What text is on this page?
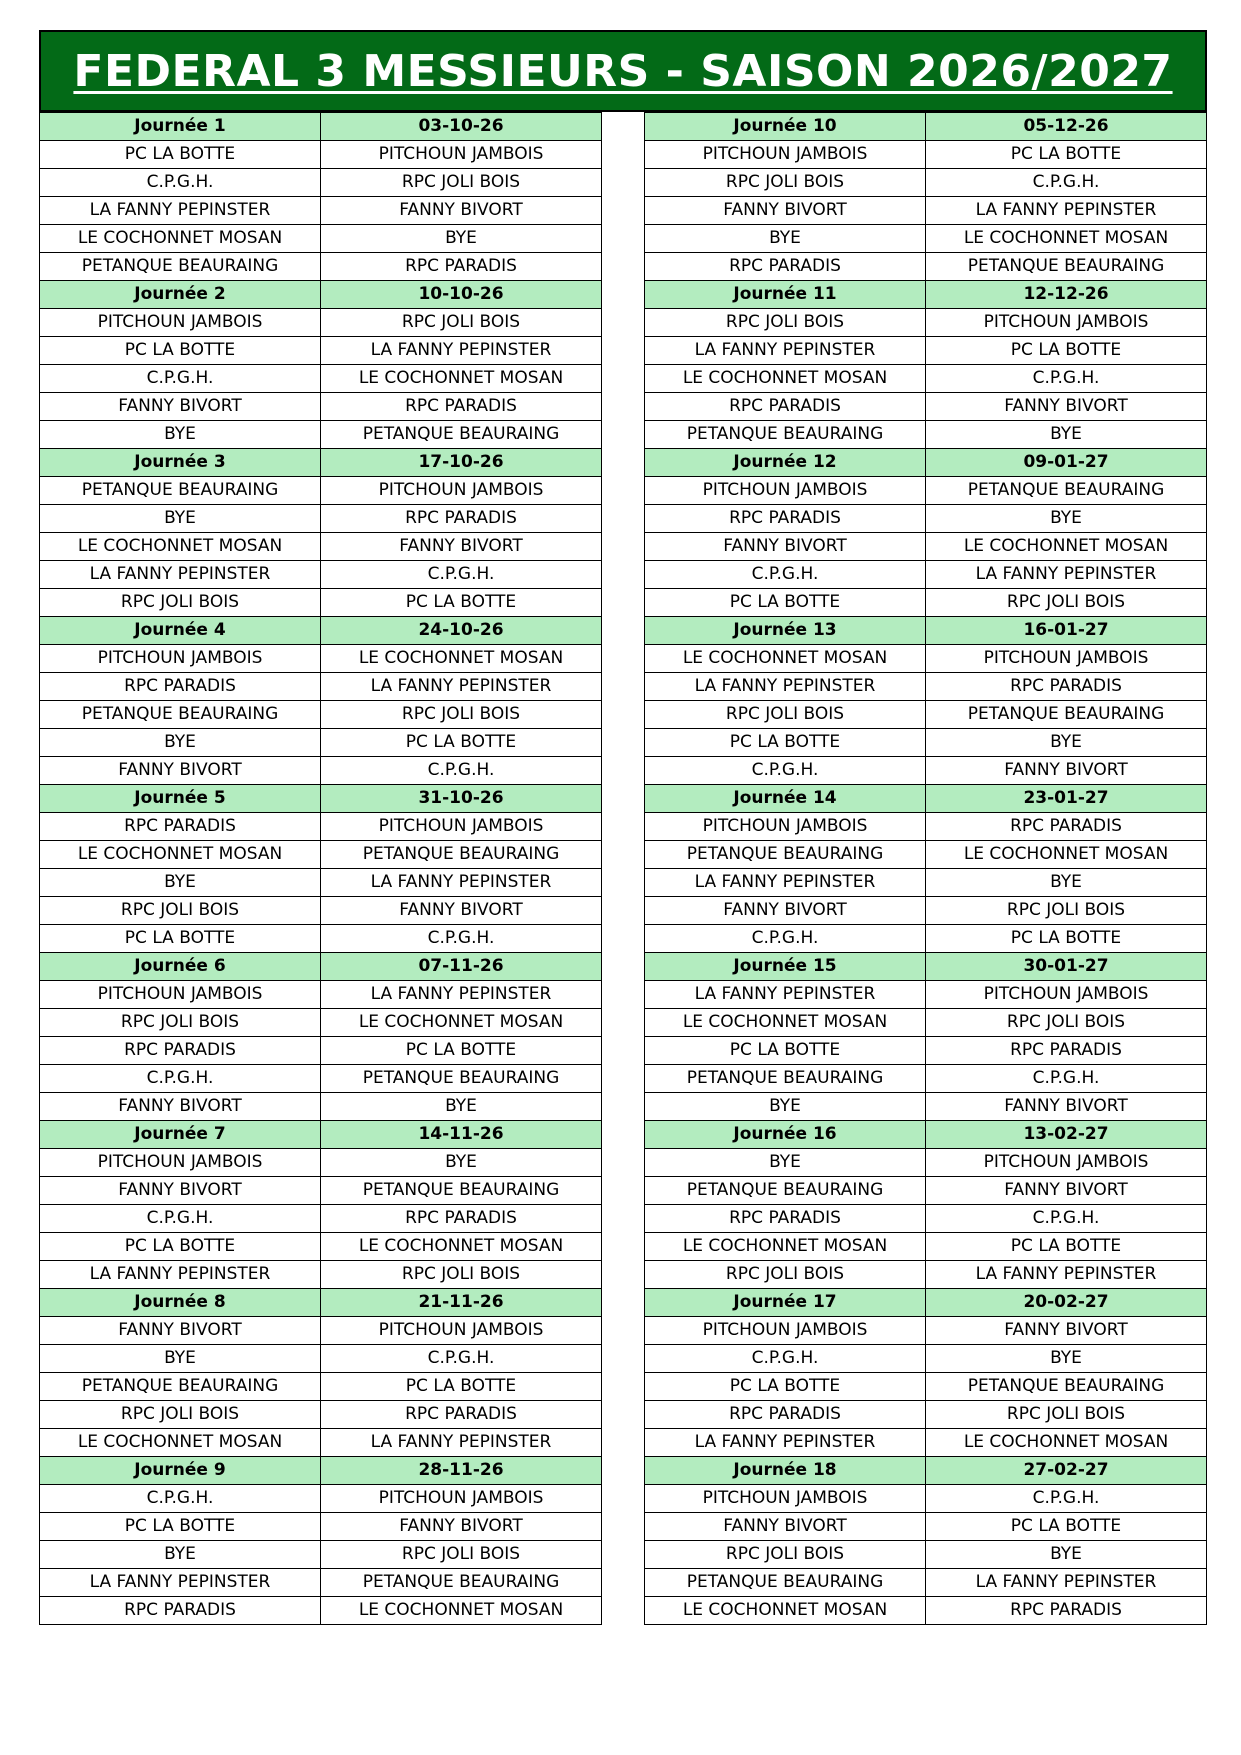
FEDERAL 3 MESSIEURS - SAISON 2026/2027
Journée 1	03-10-26
PC LA BOTTE	PITCHOUN JAMBOIS
C.P.G.H.	RPC JOLI BOIS
LA FANNY PEPINSTER	FANNY BIVORT
LE COCHONNET MOSAN	BYE
PETANQUE BEAURAING	RPC PARADIS
Journée 2	10-10-26
PITCHOUN JAMBOIS	RPC JOLI BOIS
PC LA BOTTE	LA FANNY PEPINSTER
C.P.G.H.	LE COCHONNET MOSAN
FANNY BIVORT	RPC PARADIS
BYE	PETANQUE BEAURAING
Journée 3	17-10-26
PETANQUE BEAURAING	PITCHOUN JAMBOIS
BYE	RPC PARADIS
LE COCHONNET MOSAN	FANNY BIVORT
LA FANNY PEPINSTER	C.P.G.H.
RPC JOLI BOIS	PC LA BOTTE
Journée 4	24-10-26
PITCHOUN JAMBOIS	LE COCHONNET MOSAN
RPC PARADIS	LA FANNY PEPINSTER
PETANQUE BEAURAING	RPC JOLI BOIS
BYE	PC LA BOTTE
FANNY BIVORT	C.P.G.H.
Journée 5	31-10-26
RPC PARADIS	PITCHOUN JAMBOIS
LE COCHONNET MOSAN	PETANQUE BEAURAING
BYE	LA FANNY PEPINSTER
RPC JOLI BOIS	FANNY BIVORT
PC LA BOTTE	C.P.G.H.
Journée 6	07-11-26
PITCHOUN JAMBOIS	LA FANNY PEPINSTER
RPC JOLI BOIS	LE COCHONNET MOSAN
RPC PARADIS	PC LA BOTTE
C.P.G.H.	PETANQUE BEAURAING
FANNY BIVORT	BYE
Journée 7	14-11-26
PITCHOUN JAMBOIS	BYE
FANNY BIVORT	PETANQUE BEAURAING
C.P.G.H.	RPC PARADIS
PC LA BOTTE	LE COCHONNET MOSAN
LA FANNY PEPINSTER	RPC JOLI BOIS
Journée 8	21-11-26
FANNY BIVORT	PITCHOUN JAMBOIS
BYE	C.P.G.H.
PETANQUE BEAURAING	PC LA BOTTE
RPC JOLI BOIS	RPC PARADIS
LE COCHONNET MOSAN	LA FANNY PEPINSTER
Journée 9	28-11-26
C.P.G.H.	PITCHOUN JAMBOIS
PC LA BOTTE	FANNY BIVORT
BYE	RPC JOLI BOIS
LA FANNY PEPINSTER	PETANQUE BEAURAING
RPC PARADIS	LE COCHONNET MOSAN
Journée 10	05-12-26
PITCHOUN JAMBOIS	PC LA BOTTE
RPC JOLI BOIS	C.P.G.H.
FANNY BIVORT	LA FANNY PEPINSTER
BYE	LE COCHONNET MOSAN
RPC PARADIS	PETANQUE BEAURAING
Journée 11	12-12-26
RPC JOLI BOIS	PITCHOUN JAMBOIS
LA FANNY PEPINSTER	PC LA BOTTE
LE COCHONNET MOSAN	C.P.G.H.
RPC PARADIS	FANNY BIVORT
PETANQUE BEAURAING	BYE
Journée 12	09-01-27
PITCHOUN JAMBOIS	PETANQUE BEAURAING
RPC PARADIS	BYE
FANNY BIVORT	LE COCHONNET MOSAN
C.P.G.H.	LA FANNY PEPINSTER
PC LA BOTTE	RPC JOLI BOIS
Journée 13	16-01-27
LE COCHONNET MOSAN	PITCHOUN JAMBOIS
LA FANNY PEPINSTER	RPC PARADIS
RPC JOLI BOIS	PETANQUE BEAURAING
PC LA BOTTE	BYE
C.P.G.H.	FANNY BIVORT
Journée 14	23-01-27
PITCHOUN JAMBOIS	RPC PARADIS
PETANQUE BEAURAING	LE COCHONNET MOSAN
LA FANNY PEPINSTER	BYE
FANNY BIVORT	RPC JOLI BOIS
C.P.G.H.	PC LA BOTTE
Journée 15	30-01-27
LA FANNY PEPINSTER	PITCHOUN JAMBOIS
LE COCHONNET MOSAN	RPC JOLI BOIS
PC LA BOTTE	RPC PARADIS
PETANQUE BEAURAING	C.P.G.H.
BYE	FANNY BIVORT
Journée 16	13-02-27
BYE	PITCHOUN JAMBOIS
PETANQUE BEAURAING	FANNY BIVORT
RPC PARADIS	C.P.G.H.
LE COCHONNET MOSAN	PC LA BOTTE
RPC JOLI BOIS	LA FANNY PEPINSTER
Journée 17	20-02-27
PITCHOUN JAMBOIS	FANNY BIVORT
C.P.G.H.	BYE
PC LA BOTTE	PETANQUE BEAURAING
RPC PARADIS	RPC JOLI BOIS
LA FANNY PEPINSTER	LE COCHONNET MOSAN
Journée 18	27-02-27
PITCHOUN JAMBOIS	C.P.G.H.
FANNY BIVORT	PC LA BOTTE
RPC JOLI BOIS	BYE
PETANQUE BEAURAING	LA FANNY PEPINSTER
LE COCHONNET MOSAN	RPC PARADIS
